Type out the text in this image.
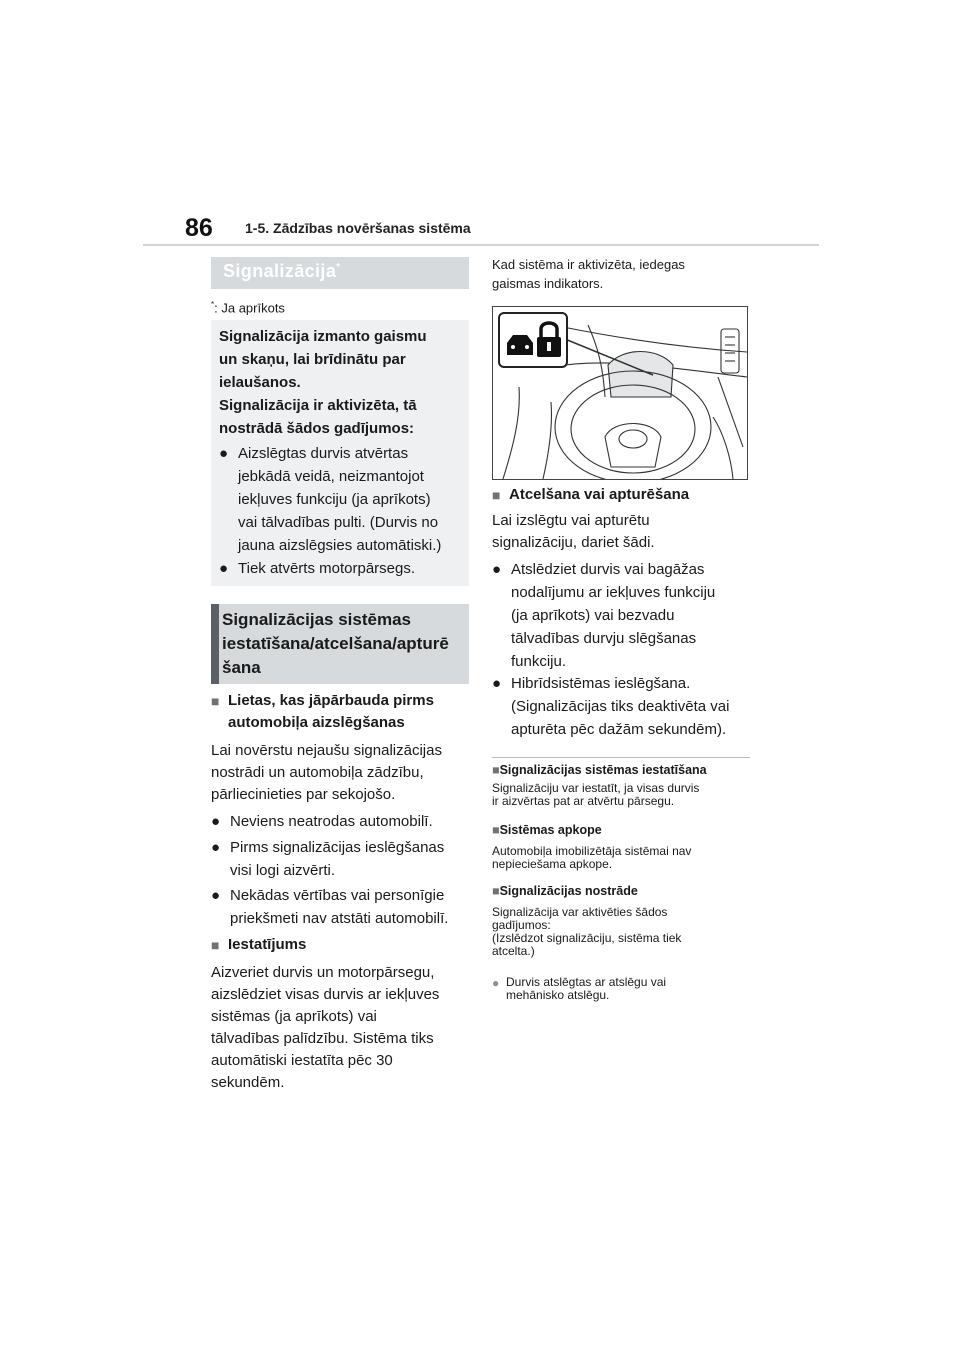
86 1-5. Zādzības novēršanas sistēma
Signalizācija*
*: Ja aprīkots
Signalizācija izmanto gaismu
un skaņu, lai brīdinātu par
ielaušanos.
Signalizācija ir aktivizēta, tā
nostrādā šādos gadījumos:
● Aizslēgtas durvis atvērtas
jebkādā veidā, neizmantojot
iekļuves funkciju (ja aprīkots)
vai tālvadības pulti. (Durvis no
jauna aizslēgsies automātiski.)
● Tiek atvērts motorpārsegs.
Signalizācijas sistēmas
iestatīšana/atcelšana/apturē
šana
■ Lietas, kas jāpārbauda pirms
automobiļa aizslēgšanas
Lai novērstu nejaušu signalizācijas
nostrādi un automobiļa zādzību,
pārliecinieties par sekojošo.
● Neviens neatrodas automobilī.
● Pirms signalizācijas ieslēgšanas
visi logi aizvērti.
● Nekādas vērtības vai personīgie
priekšmeti nav atstāti automobilī.
■ Iestatījums
Aizveriet durvis un motorpārsegu,
aizslēdziet visas durvis ar iekļuves
sistēmas (ja aprīkots) vai
tālvadības palīdzību. Sistēma tiks
automātiski iestatīta pēc 30
sekundēm.
Kad sistēma ir aktivizēta, iedegas
gaismas indikators.
■ Atcelšana vai apturēšana
Lai izslēgtu vai apturētu
signalizāciju, dariet šādi.
● Atslēdziet durvis vai bagāžas
nodalījumu ar iekļuves funkciju
(ja aprīkots) vai bezvadu
tālvadības durvju slēgšanas
funkciju.
● Hibrīdsistēmas ieslēgšana.
(Signalizācijas tiks deaktivēta vai
apturēta pēc dažām sekundēm).
■Signalizācijas sistēmas iestatīšana
Signalizāciju var iestatīt, ja visas durvis
ir aizvērtas pat ar atvērtu pārsegu.
■Sistēmas apkope
Automobiļa imobilizētāja sistēmai nav
nepieciešama apkope.
■Signalizācijas nostrāde
Signalizācija var aktivēties šādos
gadījumos:
(Izslēdzot signalizāciju, sistēma tiek
atcelta.)
● Durvis atslēgtas ar atslēgu vai
mehānisko atslēgu.
